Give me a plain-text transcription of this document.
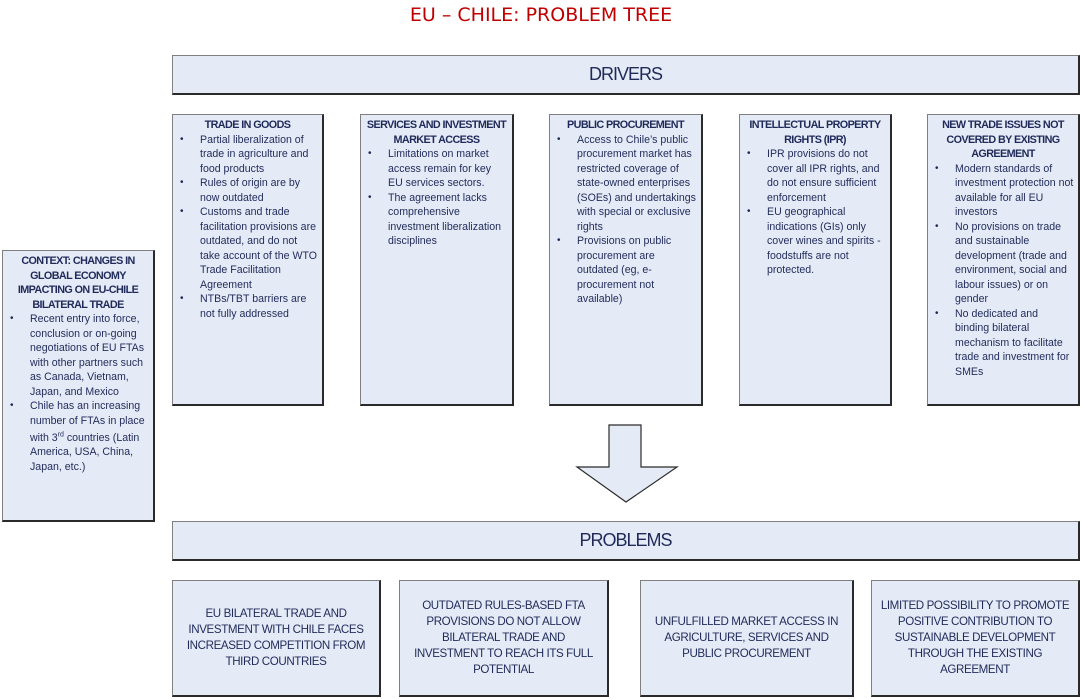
EU – CHILE: PROBLEM TREE
DRIVERS
TRADE IN GOODS
• Partial liberalization of trade in agriculture and food products
• Rules of origin are by now outdated
• Customs and trade facilitation provisions are outdated, and do not take account of the WTO Trade Facilitation Agreement
• NTBs/TBT barriers are not fully addressed
SERVICES AND INVESTMENT MARKET ACCESS
• Limitations on market access remain for key EU services sectors.
• The agreement lacks comprehensive investment liberalization disciplines
PUBLIC PROCUREMENT
• Access to Chile’s public procurement market has restricted coverage of state-owned enterprises (SOEs) and undertakings with special or exclusive rights
• Provisions on public procurement are outdated (eg, e-procurement not available)
INTELLECTUAL PROPERTY RIGHTS (IPR)
• IPR provisions do not cover all IPR rights, and do not ensure sufficient enforcement
• EU geographical indications (GIs) only cover wines and spirits - foodstuffs are not protected.
NEW TRADE ISSUES NOT COVERED BY EXISTING AGREEMENT
• Modern standards of investment protection not available for all EU investors
• No provisions on trade and sustainable development (trade and environment, social and labour issues) or on gender
• No dedicated and binding bilateral mechanism to facilitate trade and investment for SMEs
CONTEXT: CHANGES IN GLOBAL ECONOMY IMPACTING ON EU-CHILE BILATERAL TRADE
• Recent entry into force, conclusion or on-going negotiations of EU FTAs with other partners such as Canada, Vietnam, Japan, and Mexico
• Chile has an increasing number of FTAs in place with 3rd countries (Latin America, USA, China, Japan, etc.)
PROBLEMS
EU BILATERAL TRADE AND INVESTMENT WITH CHILE FACES INCREASED COMPETITION FROM THIRD COUNTRIES
OUTDATED RULES-BASED FTA PROVISIONS DO NOT ALLOW BILATERAL TRADE AND INVESTMENT TO REACH ITS FULL POTENTIAL
UNFULFILLED MARKET ACCESS IN AGRICULTURE, SERVICES AND PUBLIC PROCUREMENT
LIMITED POSSIBILITY TO PROMOTE POSITIVE CONTRIBUTION TO SUSTAINABLE DEVELOPMENT THROUGH THE EXISTING AGREEMENT
